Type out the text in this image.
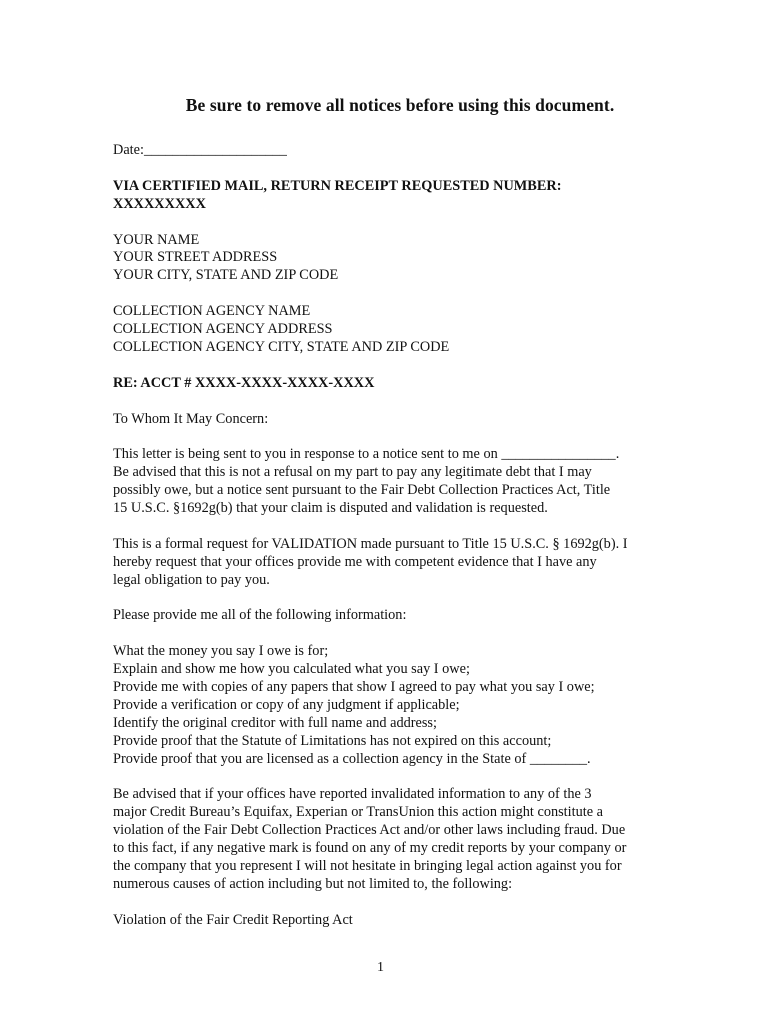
Be sure to remove all notices before using this document.
Date:____________________
VIA CERTIFIED MAIL, RETURN RECEIPT REQUESTED NUMBER:
XXXXXXXXX
YOUR NAME
YOUR STREET ADDRESS
YOUR CITY, STATE AND ZIP CODE
COLLECTION AGENCY NAME
COLLECTION AGENCY ADDRESS
COLLECTION AGENCY CITY, STATE AND ZIP CODE
RE: ACCT # XXXX-XXXX-XXXX-XXXX
To Whom It May Concern:
This letter is being sent to you in response to a notice sent to me on ________________.
Be advised that this is not a refusal on my part to pay any legitimate debt that I may
possibly owe, but a notice sent pursuant to the Fair Debt Collection Practices Act, Title
15 U.S.C. §1692g(b) that your claim is disputed and validation is requested.
This is a formal request for VALIDATION made pursuant to Title 15 U.S.C. § 1692g(b). I
hereby request that your offices provide me with competent evidence that I have any
legal obligation to pay you.
Please provide me all of the following information:
What the money you say I owe is for;
Explain and show me how you calculated what you say I owe;
Provide me with copies of any papers that show I agreed to pay what you say I owe;
Provide a verification or copy of any judgment if applicable;
Identify the original creditor with full name and address;
Provide proof that the Statute of Limitations has not expired on this account;
Provide proof that you are licensed as a collection agency in the State of ________.
Be advised that if your offices have reported invalidated information to any of the 3
major Credit Bureau’s Equifax, Experian or TransUnion this action might constitute a
violation of the Fair Debt Collection Practices Act and/or other laws including fraud. Due
to this fact, if any negative mark is found on any of my credit reports by your company or
the company that you represent I will not hesitate in bringing legal action against you for
numerous causes of action including but not limited to, the following:
Violation of the Fair Credit Reporting Act
1
